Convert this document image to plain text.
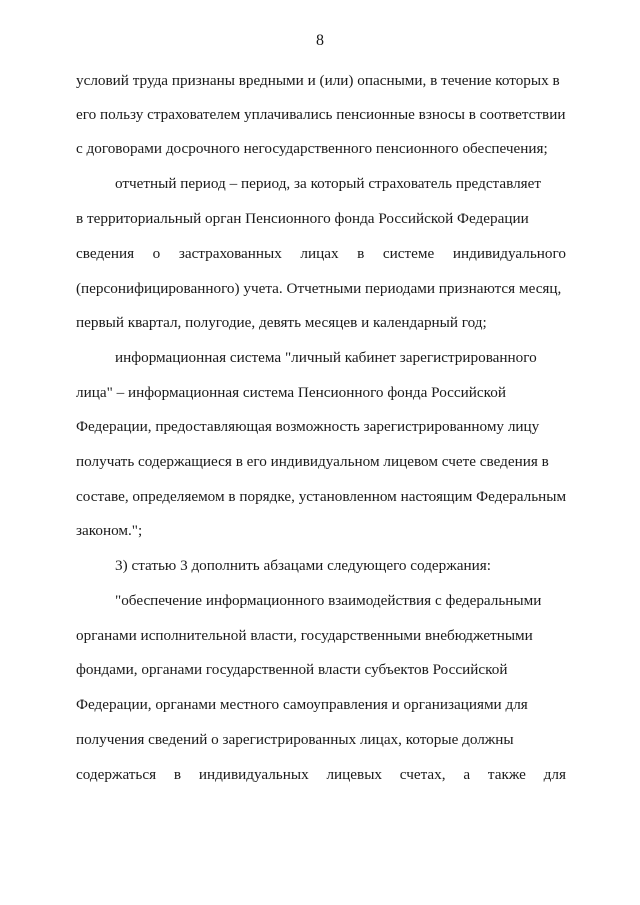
8
условий труда признаны вредными и (или) опасными, в течение которых в
его пользу страхователем уплачивались пенсионные взносы в соответствии
с договорами досрочного негосударственного пенсионного обеспечения;
отчетный период – период, за который страхователь представляет
в территориальный орган Пенсионного фонда Российской Федерации
сведения о застрахованных лицах в системе индивидуального
(персонифицированного) учета. Отчетными периодами признаются месяц,
первый квартал, полугодие, девять месяцев и календарный год;
информационная система "личный кабинет зарегистрированного
лица" – информационная система Пенсионного фонда Российской
Федерации, предоставляющая возможность зарегистрированному лицу
получать содержащиеся в его индивидуальном лицевом счете сведения в
составе, определяемом в порядке, установленном настоящим Федеральным
законом.";
3) статью 3 дополнить абзацами следующего содержания:
"обеспечение информационного взаимодействия с федеральными
органами исполнительной власти, государственными внебюджетными
фондами, органами государственной власти субъектов Российской
Федерации, органами местного самоуправления и организациями для
получения сведений о зарегистрированных лицах, которые должны
содержаться в индивидуальных лицевых счетах, а также для
